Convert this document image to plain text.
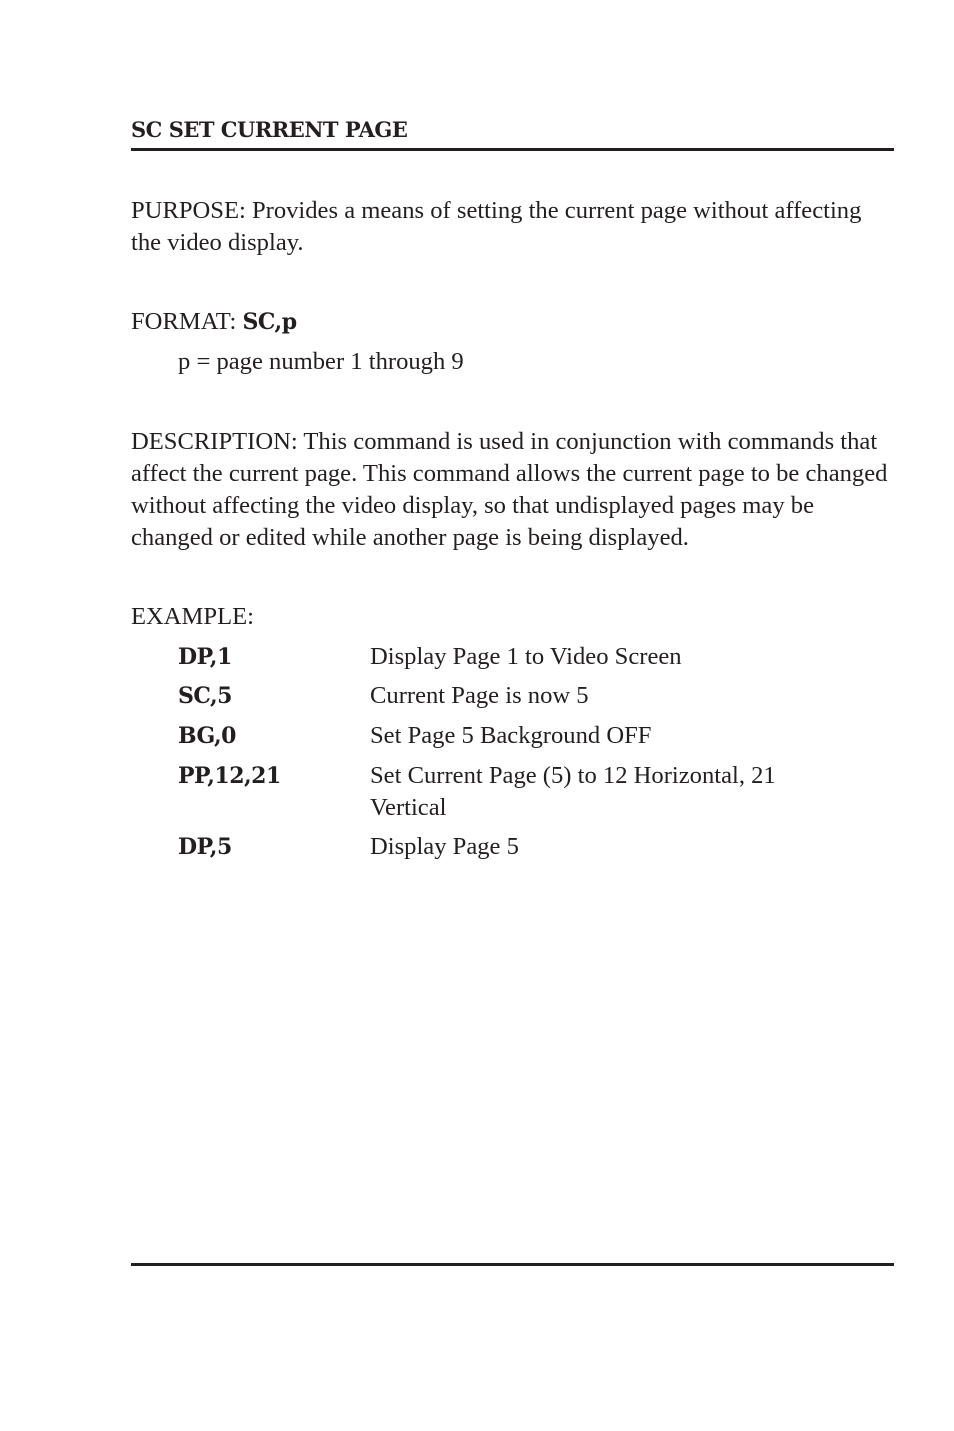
SC SET CURRENT PAGE
PURPOSE: Provides a means of setting the current page without affecting the video display.
FORMAT: SC,p
p = page number 1 through 9
DESCRIPTION: This command is used in conjunction with commands that affect the current page. This command allows the current page to be changed without affecting the video display, so that undisplayed pages may be changed or edited while another page is being displayed.
EXAMPLE:
DP,1	Display Page 1 to Video Screen
SC,5	Current Page is now 5
BG,0	Set Page 5 Background OFF
PP,12,21	Set Current Page (5) to 12 Horizontal, 21 Vertical
DP,5	Display Page 5
